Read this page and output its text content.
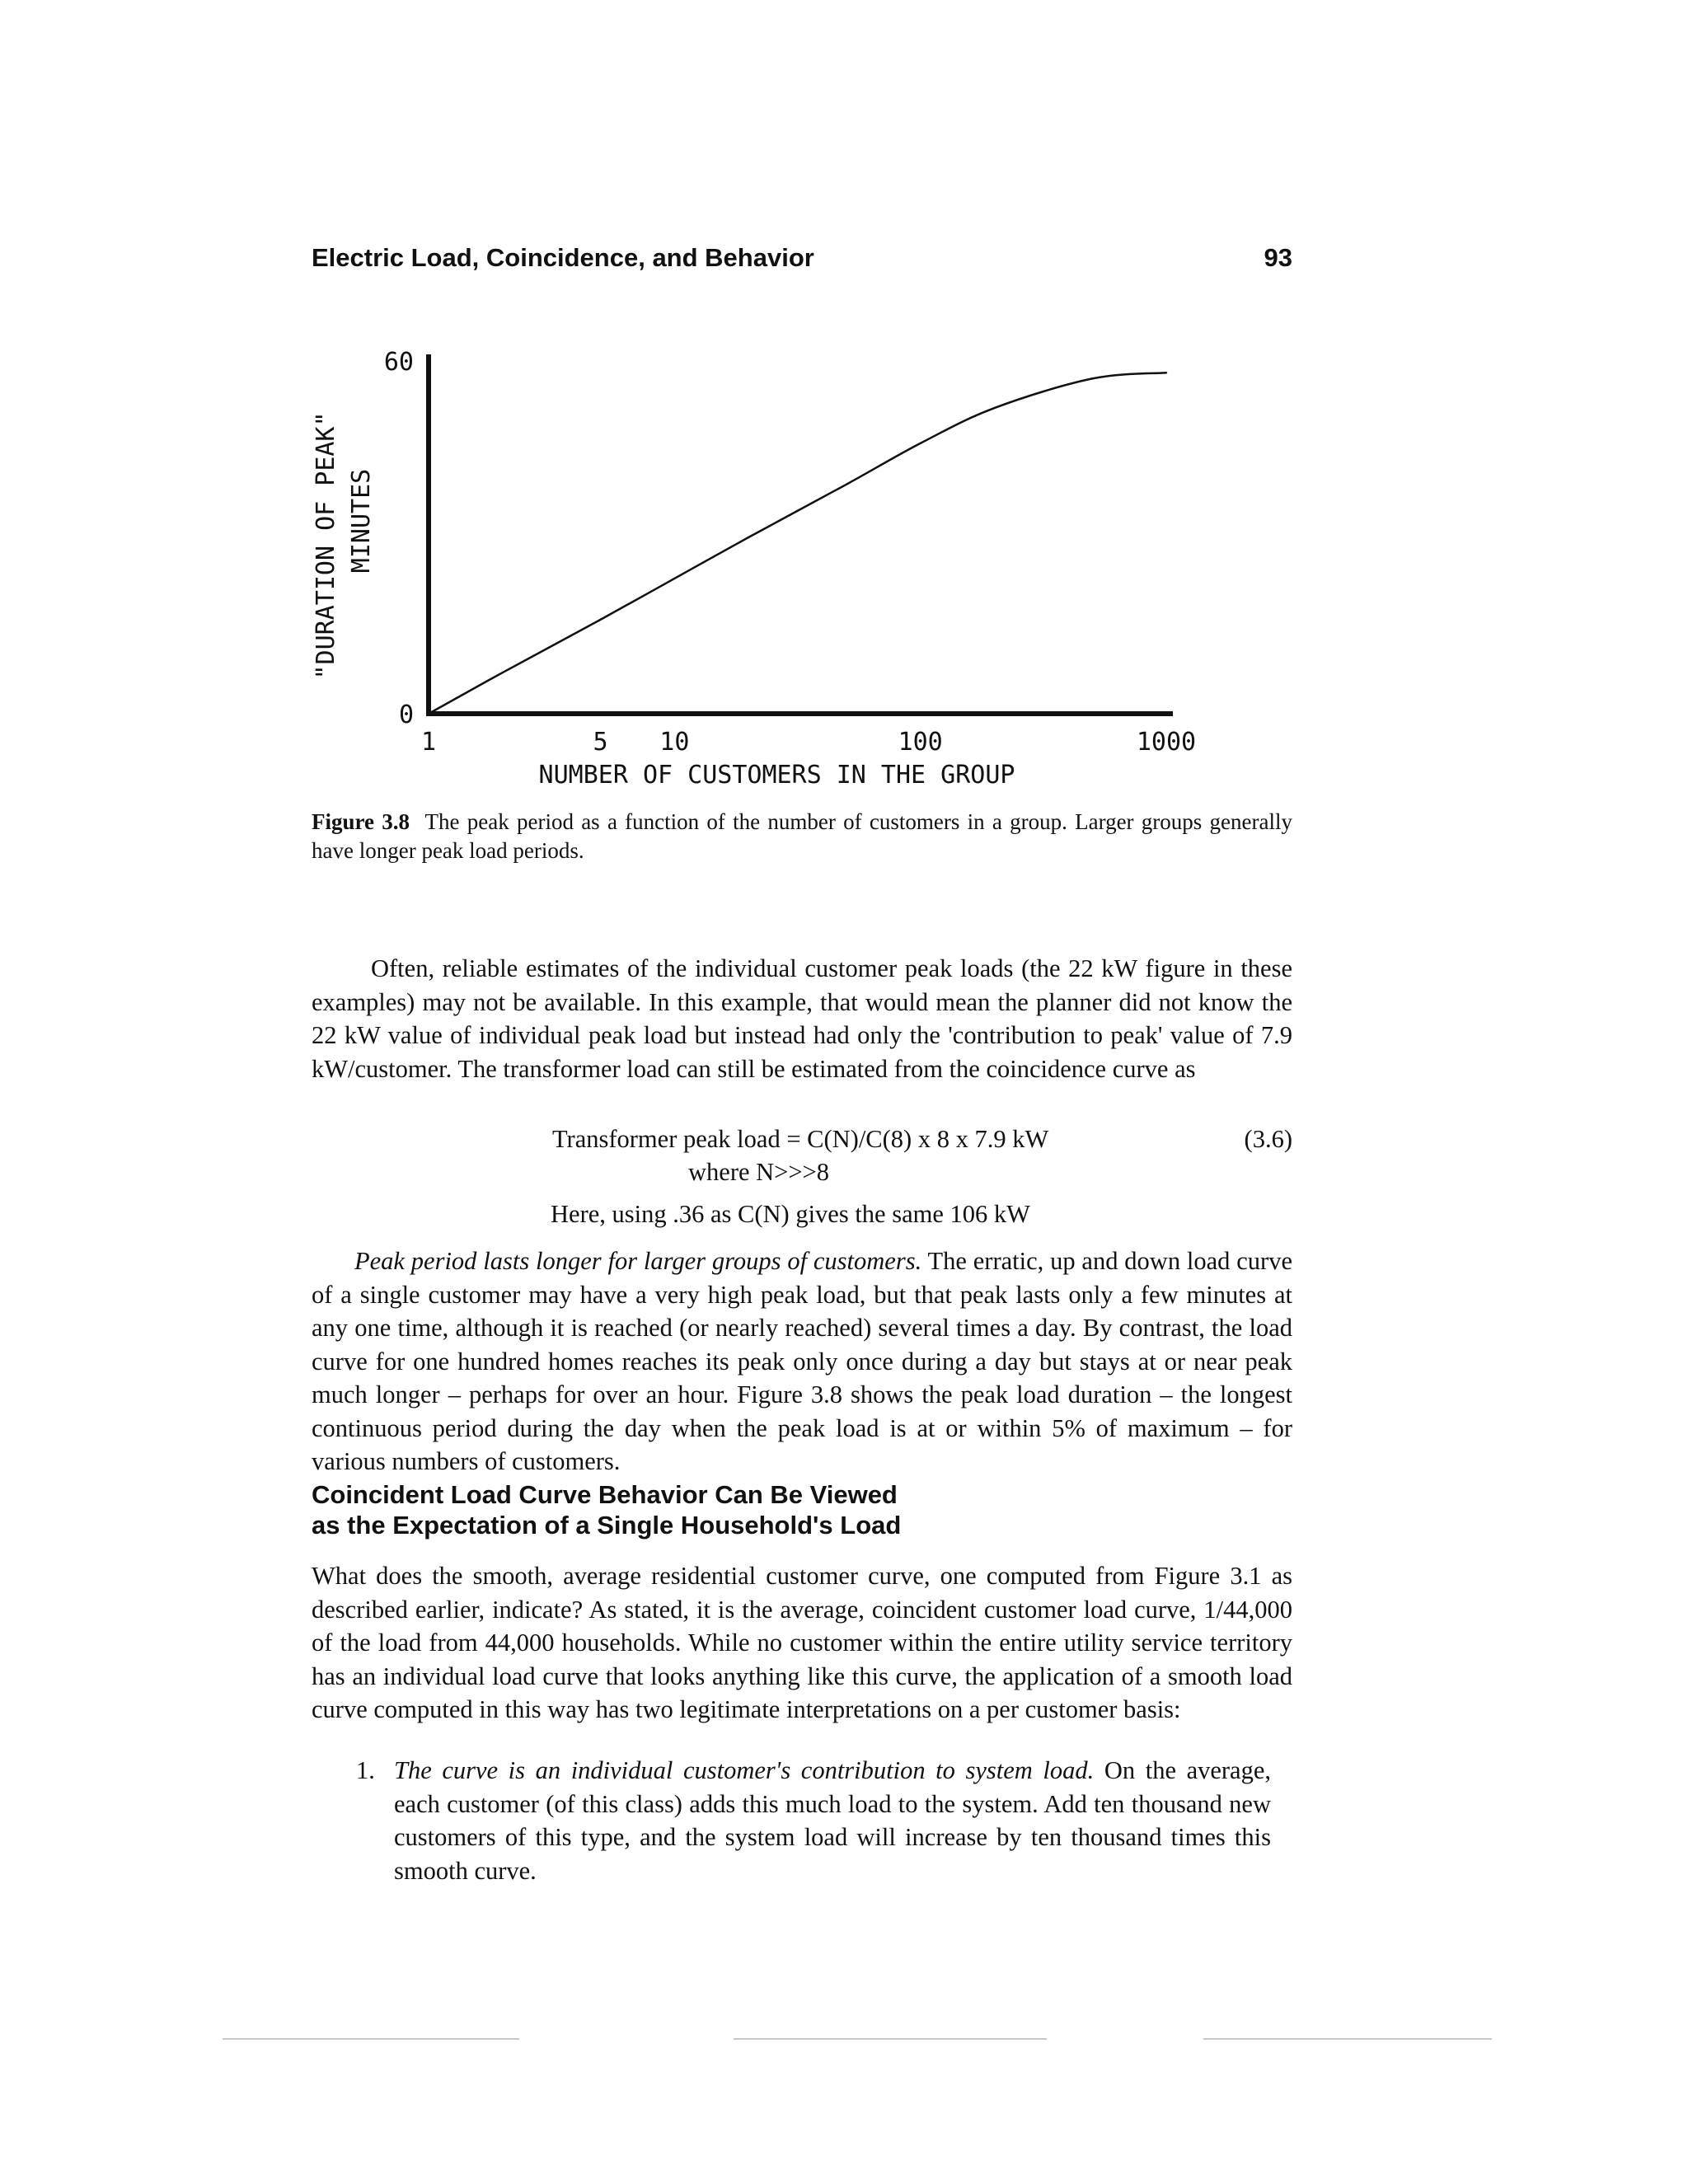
Electric Load, Coincidence, and Behavior	93
1	5 10	100	1000
0
60
NUMBER OF CUSTOMERS IN THE GROUP
"DURATION OF PEAK" MINUTES
Figure 3.8 The peak period as a function of the number of customers in a group. Larger groups generally have longer peak load periods.

Often, reliable estimates of the individual customer peak loads (the 22 kW figure in these examples) may not be available. In this example, that would mean the planner did not know the 22 kW value of individual peak load but instead had only the 'contribution to peak' value of 7.9 kW/customer. The transformer load can still be estimated from the coincidence curve as

Transformer peak load = C(N)/C(8) x 8 x 7.9 kW	(3.6)
where N>>>8
Here, using .36 as C(N) gives the same 106 kW

Peak period lasts longer for larger groups of customers. The erratic, up and down load curve of a single customer may have a very high peak load, but that peak lasts only a few minutes at any one time, although it is reached (or nearly reached) several times a day. By contrast, the load curve for one hundred homes reaches its peak only once during a day but stays at or near peak much longer – perhaps for over an hour. Figure 3.8 shows the peak load duration – the longest continuous period during the day when the peak load is at or within 5% of maximum – for various numbers of customers.

Coincident Load Curve Behavior Can Be Viewed
as the Expectation of a Single Household's Load

What does the smooth, average residential customer curve, one computed from Figure 3.1 as described earlier, indicate? As stated, it is the average, coincident customer load curve, 1/44,000 of the load from 44,000 households. While no customer within the entire utility service territory has an individual load curve that looks anything like this curve, the application of a smooth load curve computed in this way has two legitimate interpretations on a per customer basis:

1. The curve is an individual customer's contribution to system load. On the average, each customer (of this class) adds this much load to the system. Add ten thousand new customers of this type, and the system load will increase by ten thousand times this smooth curve.
